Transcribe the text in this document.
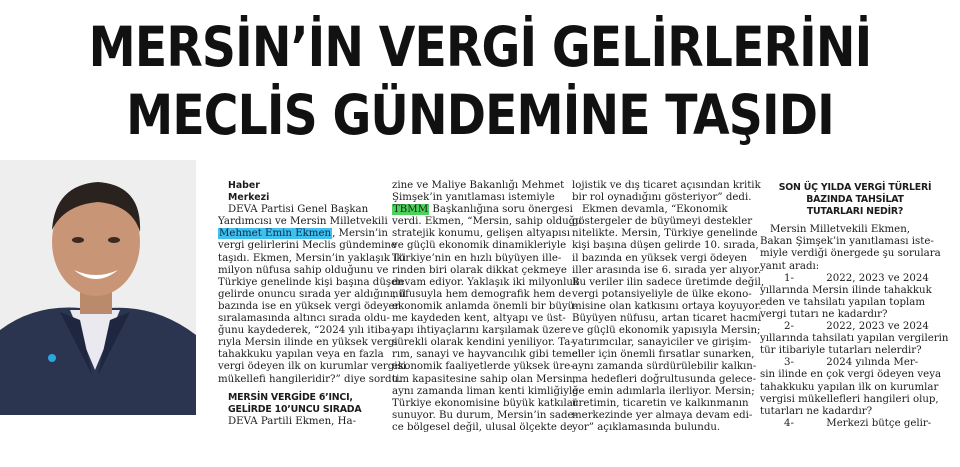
MERSİN’İN VERGİ GELİRLERİNİ
MECLİS GÜNDEMİNE TAŞIDI
Haber
Merkezi
DEVA Partisi Genel Başkan
Yardımcısı ve Mersin Milletvekili
Mehmet Emin Ekmen, Mersin’in
vergi gelirlerini Meclis gündemine
taşıdı. Ekmen, Mersin’in yaklaşık iki
milyon nüfusa sahip olduğunu ve
Türkiye genelinde kişi başına düşen
gelirde onuncu sırada yer aldığını, il
bazında ise en yüksek vergi ödeyen
sıralamasında altıncı sırada oldu-
ğunu kaydederek, “2024 yılı itiba-
rıyla Mersin ilinde en yüksek vergi
tahakkuku yapılan veya en fazla
vergi ödeyen ilk on kurumlar vergisi
mükellefi hangileridir?” diye sordu.
MERSİN VERGİDE 6’INCI,
GELİRDE 10’UNCU SIRADA
DEVA Partili Ekmen, Ha-
zine ve Maliye Bakanlığı Mehmet
Şimşek’in yanıtlaması istemiyle
TBMM Başkanlığına soru önergesi
verdi. Ekmen, “Mersin, sahip olduğu
stratejik konumu, gelişen altyapısı
ve güçlü ekonomik dinamikleriyle
Türkiye’nin en hızlı büyüyen ille-
rinden biri olarak dikkat çekmeye
devam ediyor. Yaklaşık iki milyonluk
nüfusuyla hem demografik hem de
ekonomik anlamda önemli bir büyü-
me kaydeden kent, altyapı ve üst-
yapı ihtiyaçlarını karşılamak üzere
sürekli olarak kendini yeniliyor. Ta-
rım, sanayi ve hayvancılık gibi temel
ekonomik faaliyetlerde yüksek üre-
tim kapasitesine sahip olan Mersin,
aynı zamanda liman kenti kimliğiyle
Türkiye ekonomisine büyük katkılar
sunuyor. Bu durum, Mersin’in sade-
ce bölgesel değil, ulusal ölçekte de
lojistik ve dış ticaret açısından kritik
bir rol oynadığını gösteriyor” dedi.
Ekmen devamla, “Ekonomik
göstergeler de büyümeyi destekler
nitelikte. Mersin, Türkiye genelinde
kişi başına düşen gelirde 10. sırada,
il bazında en yüksek vergi ödeyen
iller arasında ise 6. sırada yer alıyor.
Bu veriler ilin sadece üretimde değil,
vergi potansiyeliyle de ülke ekono-
misine olan katkısını ortaya koyuyor.
Büyüyen nüfusu, artan ticaret hacmi
ve güçlü ekonomik yapısıyla Mersin;
yatırımcılar, sanayiciler ve girişim-
ciler için önemli fırsatlar sunarken,
aynı zamanda sürdürülebilir kalkın-
ma hedefleri doğrultusunda gelece-
ğe emin adımlarla ilerliyor. Mersin;
üretimin, ticaretin ve kalkınmanın
merkezinde yer almaya devam edi-
yor” açıklamasında bulundu.
SON ÜÇ YILDA VERGİ TÜRLERİ
BAZINDA TAHSİLAT
TUTARLARI NEDİR?
Mersin Milletvekili Ekmen,
Bakan Şimşek’in yanıtlaması iste-
miyle verdiği önergede şu sorulara
yanıt aradı:
1-          2022, 2023 ve 2024
yıllarında Mersin ilinde tahakkuk
eden ve tahsilatı yapılan toplam
vergi tutarı ne kadardır?
2-          2022, 2023 ve 2024
yıllarında tahsilatı yapılan vergilerin
tür itibariyle tutarları nelerdir?
3-          2024 yılında Mer-
sin ilinde en çok vergi ödeyen veya
tahakkuku yapılan ilk on kurumlar
vergisi mükellefleri hangileri olup,
tutarları ne kadardır?
4-          Merkezi bütçe gelir-
